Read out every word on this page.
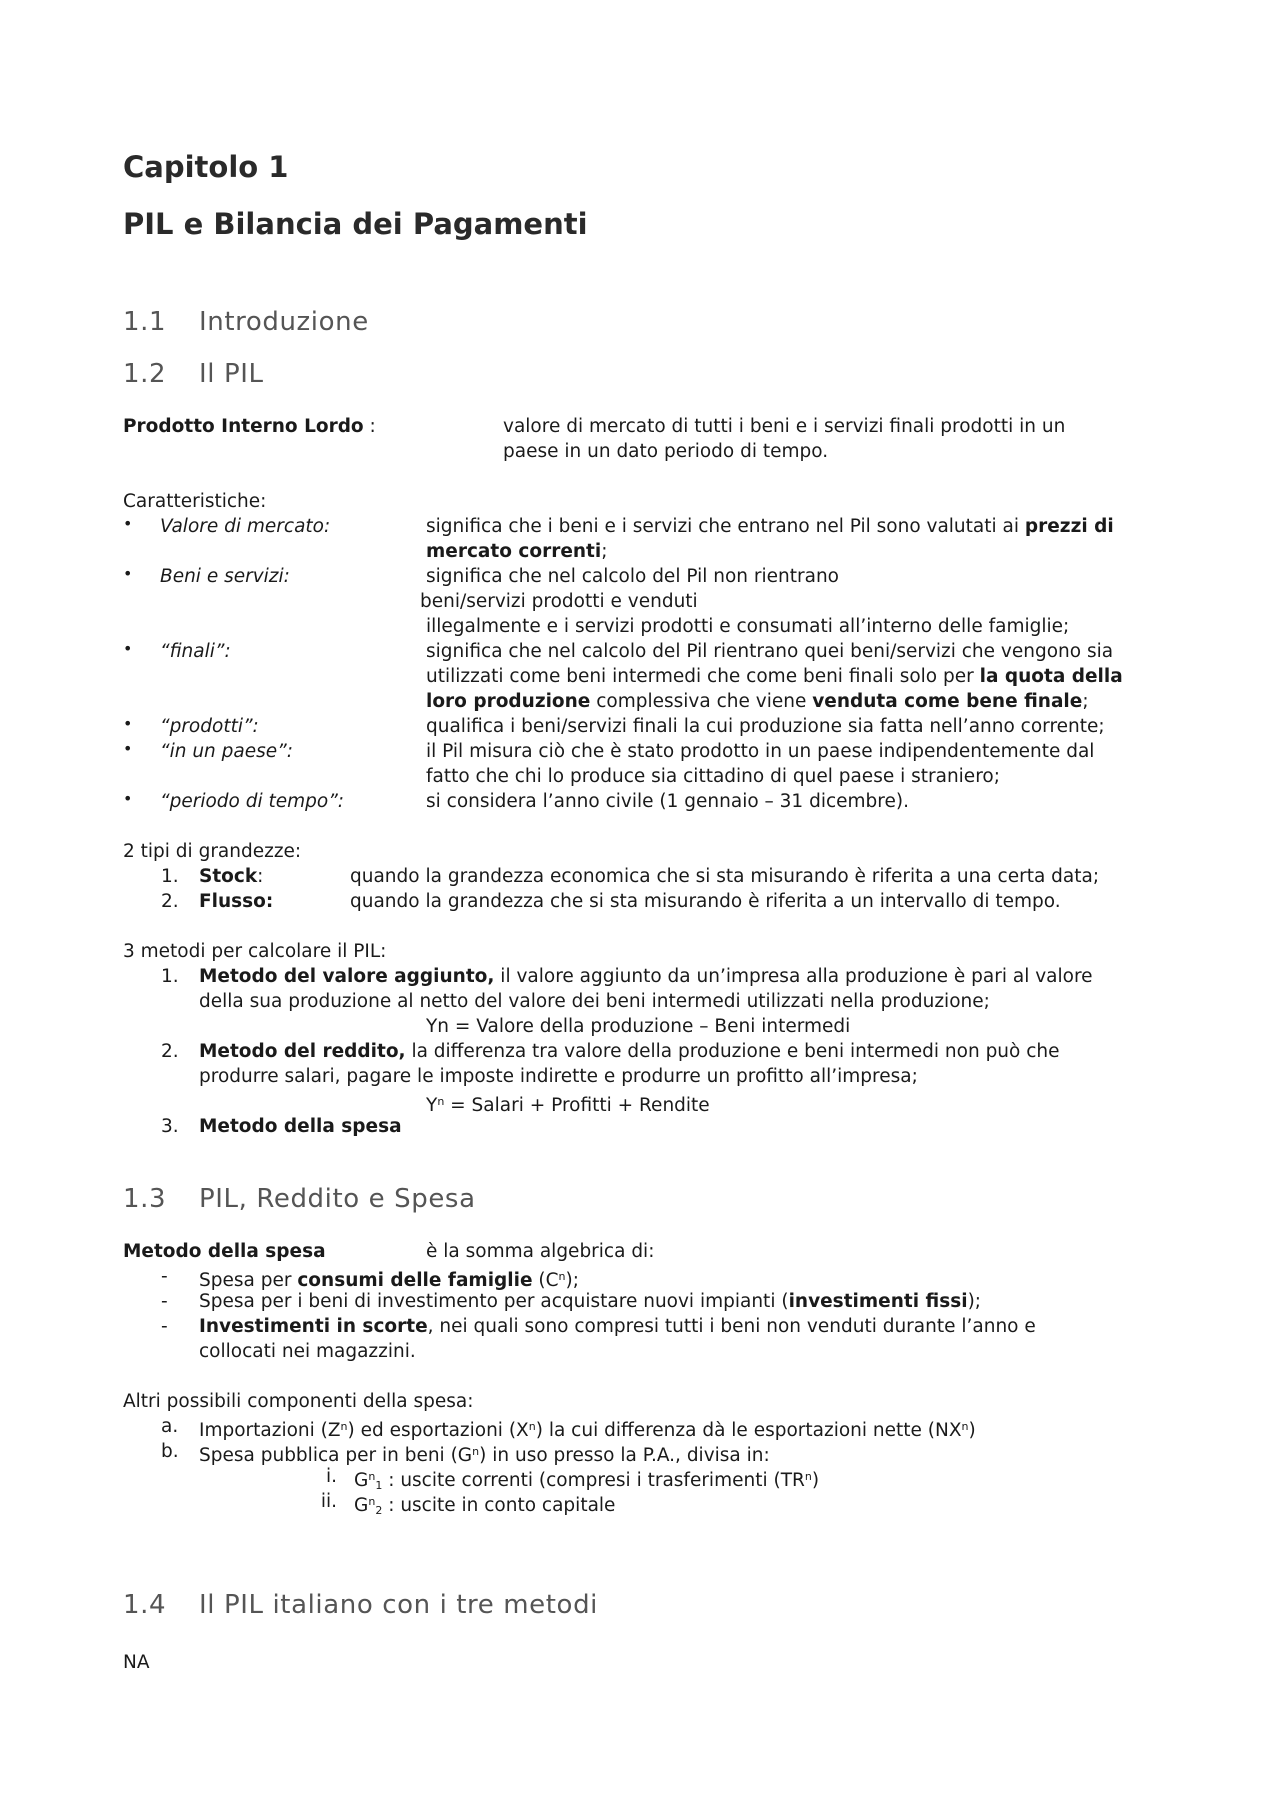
Capitolo 1
PIL e Bilancia dei Pagamenti
1.1 Introduzione
1.2 Il PIL
Prodotto Interno Lordo :	valore di mercato di tutti i beni e i servizi finali prodotti in un
paese in un dato periodo di tempo.
Caratteristiche:
• Valore di mercato:	significa che i beni e i servizi che entrano nel Pil sono valutati ai prezzi di
mercato correnti;
• Beni e servizi:	significa che nel calcolo del Pil non rientrano
beni/servizi prodotti e venduti
illegalmente e i servizi prodotti e consumati all’interno delle famiglie;
• “finali”:	significa che nel calcolo del Pil rientrano quei beni/servizi che vengono sia
utilizzati come beni intermedi che come beni finali solo per la quota della
loro produzione complessiva che viene venduta come bene finale;
• “prodotti”:	qualifica i beni/servizi finali la cui produzione sia fatta nell’anno corrente;
• “in un paese”:	il Pil misura ciò che è stato prodotto in un paese indipendentemente dal
fatto che chi lo produce sia cittadino di quel paese i straniero;
• “periodo di tempo”:	si considera l’anno civile (1 gennaio – 31 dicembre).
2 tipi di grandezze:
1. Stock:	quando la grandezza economica che si sta misurando è riferita a una certa data;
2. Flusso:	quando la grandezza che si sta misurando è riferita a un intervallo di tempo.
3 metodi per calcolare il PIL:
1. Metodo del valore aggiunto, il valore aggiunto da un’impresa alla produzione è pari al valore
della sua produzione al netto del valore dei beni intermedi utilizzati nella produzione;
Yn = Valore della produzione – Beni intermedi
2. Metodo del reddito, la differenza tra valore della produzione e beni intermedi non può che
produrre salari, pagare le imposte indirette e produrre un profitto all’impresa;
$Y^n$ = Salari + Profitti + Rendite
3. Metodo della spesa
1.3 PIL, Reddito e Spesa
Metodo della spesa	è la somma algebrica di:
- Spesa per consumi delle famiglie $(C^n)$;
- Spesa per i beni di investimento per acquistare nuovi impianti (investimenti fissi);
- Investimenti in scorte, nei quali sono compresi tutti i beni non venduti durante l’anno e
collocati nei magazzini.
Altri possibili componenti della spesa:
a. Importazioni $(Z^n)$ ed esportazioni $(X^n)$ la cui differenza dà le esportazioni nette $(NX^n)$
b. Spesa pubblica per in beni $(G^n)$ in uso presso la P.A., divisa in:
i. $G^n_1$ : uscite correnti (compresi i trasferimenti $(TR^n)$
ii. $G^n_2$ : uscite in conto capitale
1.4 Il PIL italiano con i tre metodi
NA
